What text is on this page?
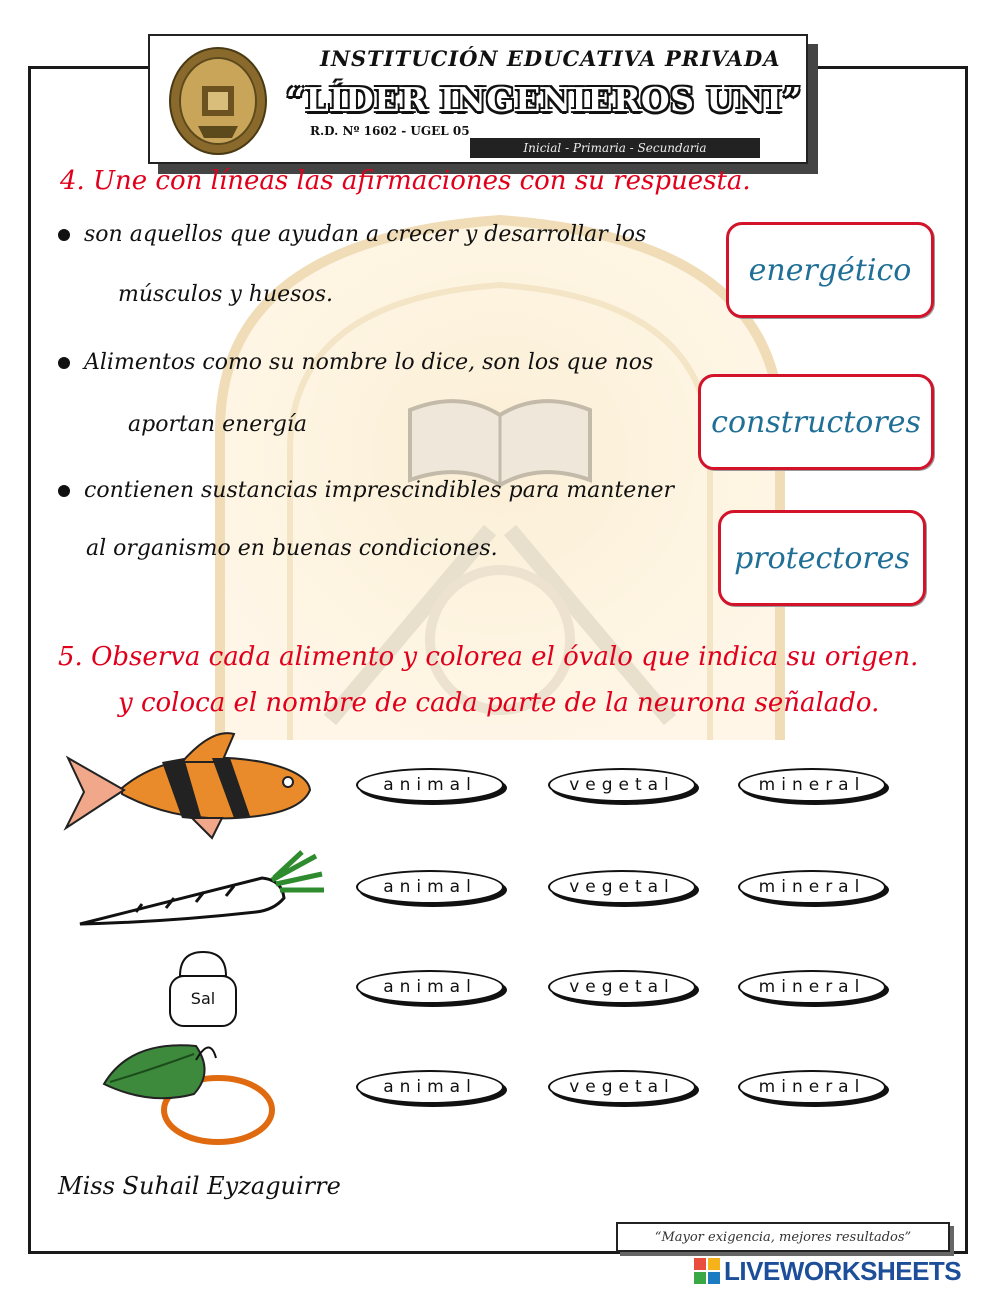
INSTITUCIÓN EDUCATIVA PRIVADA
“LÍDER INGENIEROS UNI”
R.D. Nº 1602 - UGEL 05
Inicial - Primaria - Secundaria
4. Une con líneas las afirmaciones con su respuesta.
son aquellos que ayudan a crecer y desarrollar los
músculos y huesos.
Alimentos como su nombre lo dice, son los que nos
aportan energía
contienen sustancias imprescindibles para mantener
al organismo en buenas condiciones.
energético
constructores
protectores
5. Observa cada alimento y colorea el óvalo que indica su origen.
y coloca el nombre de cada parte de la neurona señalado.
Sal
animal	vegetal	mineral
animal	vegetal	mineral
animal	vegetal	mineral
animal	vegetal	mineral
Miss Suhail Eyzaguirre
“Mayor exigencia, mejores resultados”
LIVEWORKSHEETS
